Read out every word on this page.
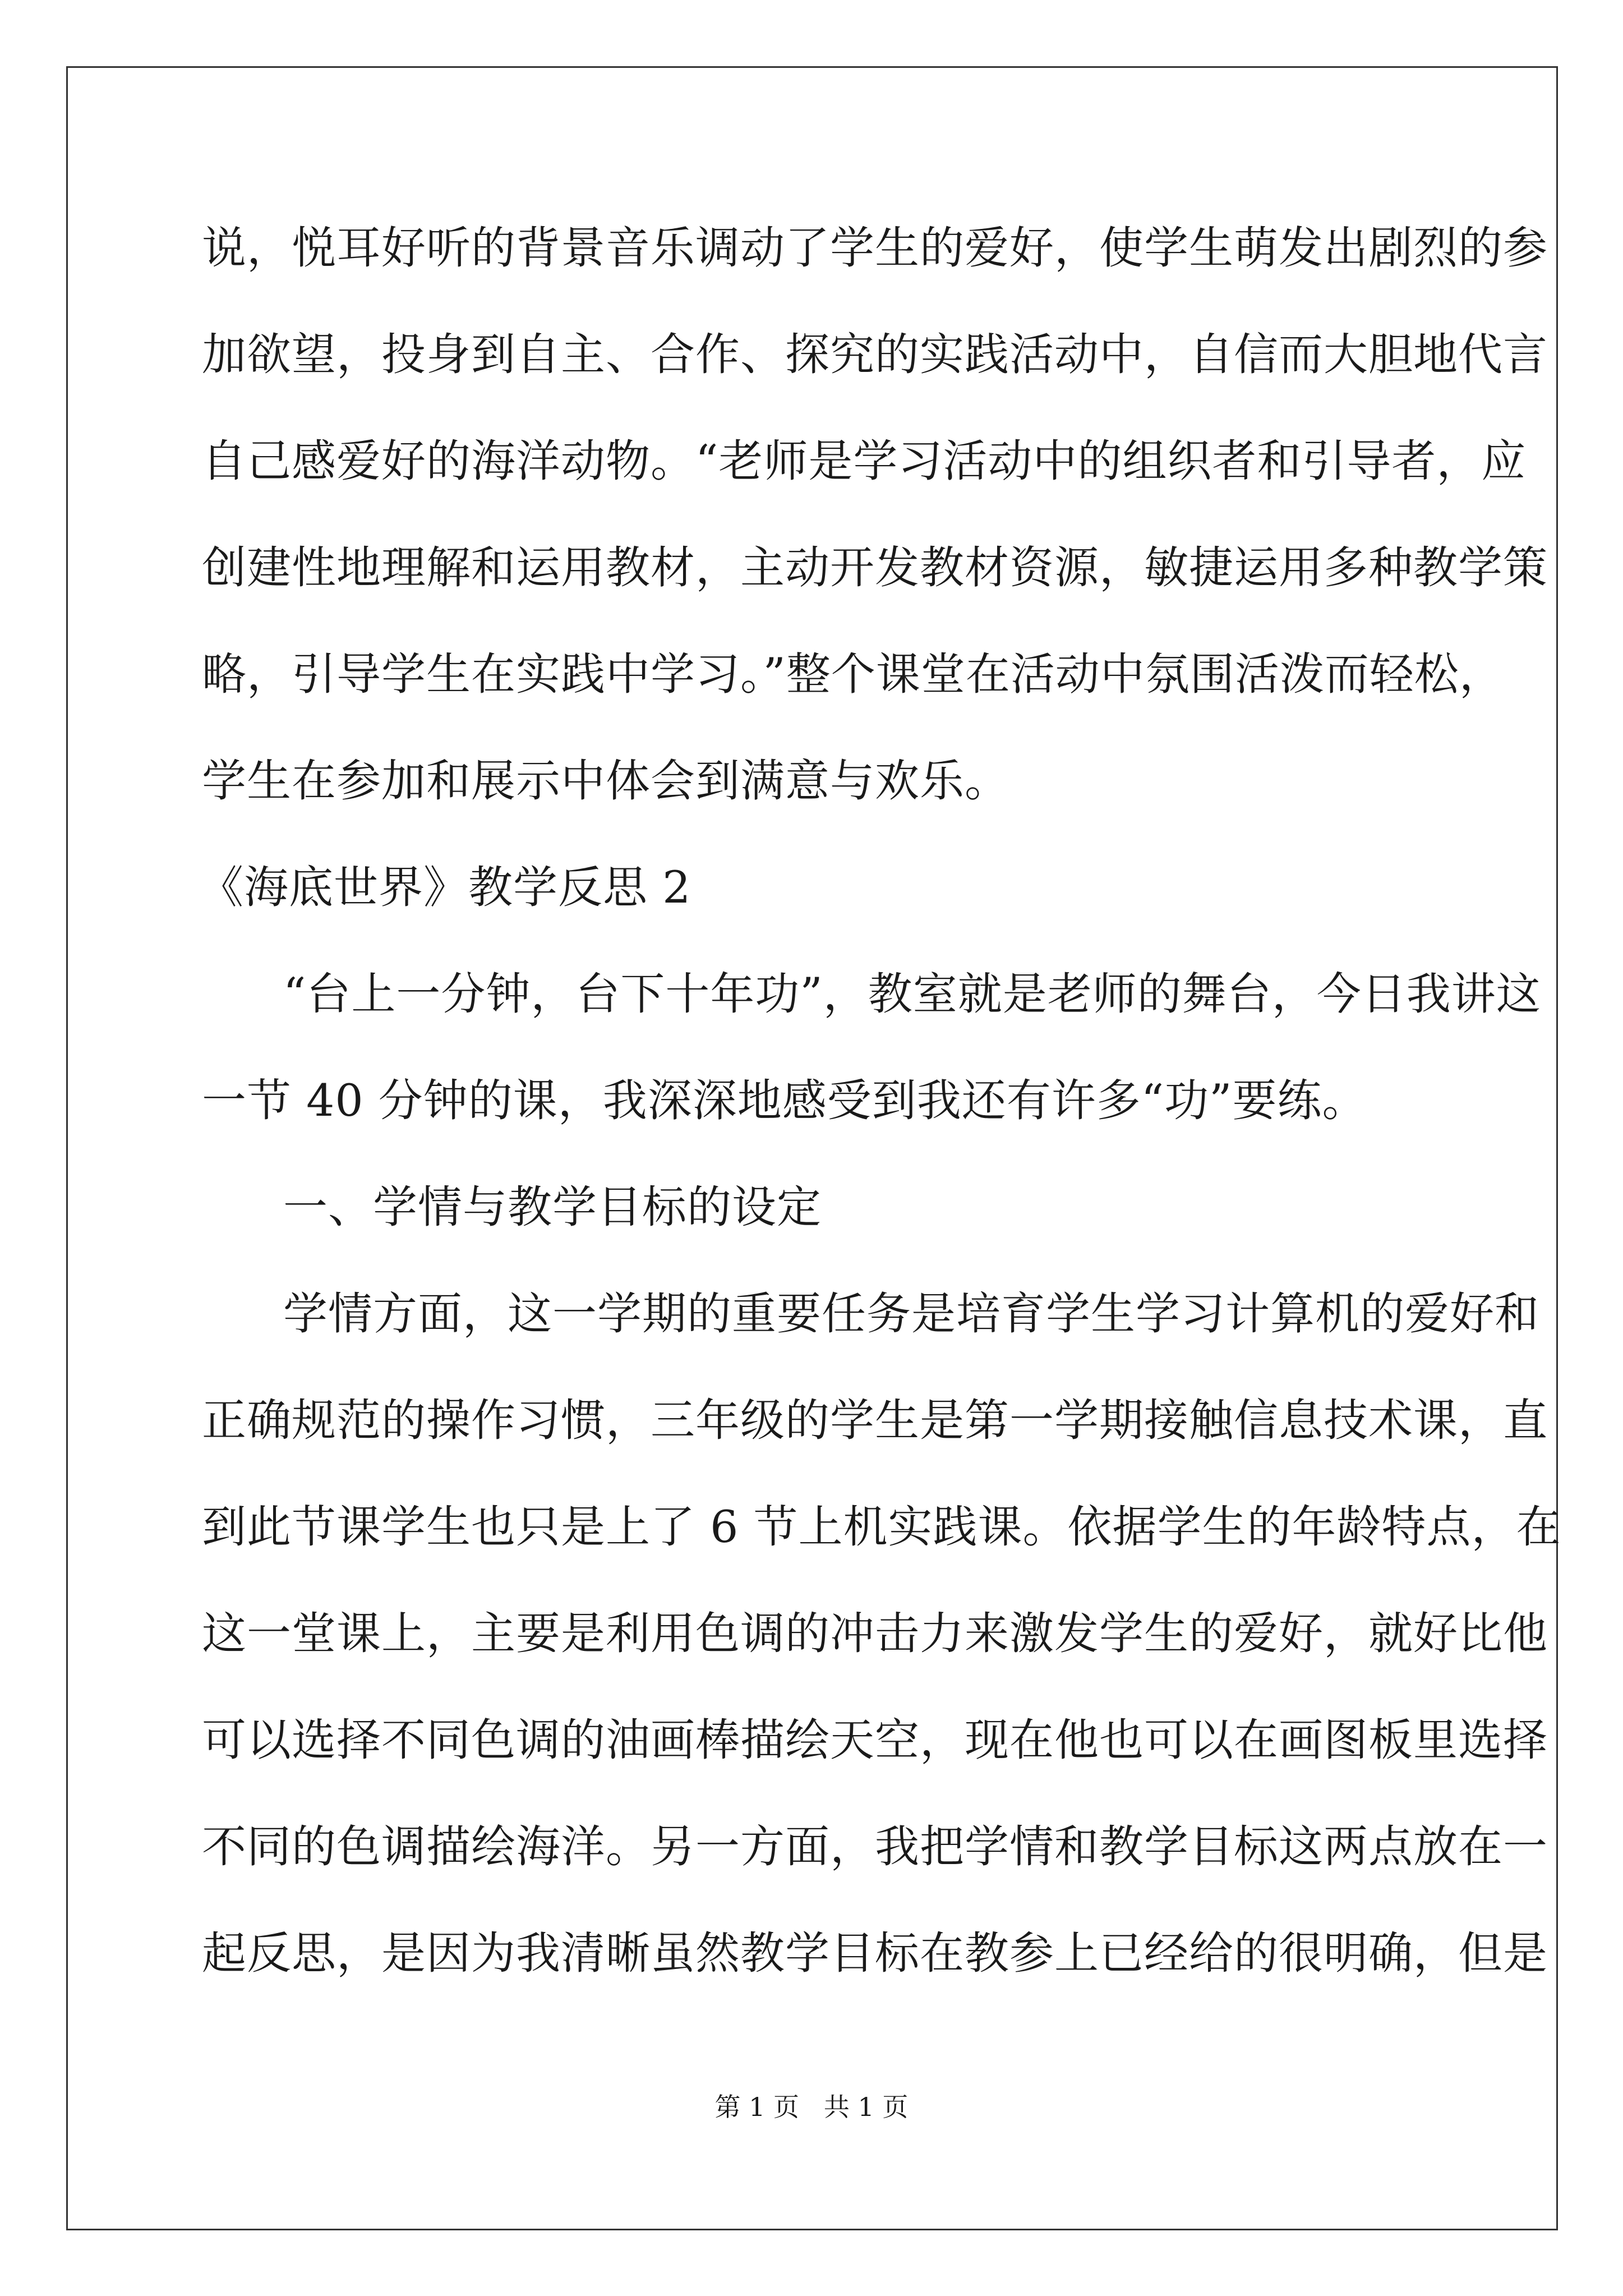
说，悦耳好听的背景音乐调动了学生的爱好，使学生萌发出剧烈的参
加欲望，投身到自主、合作、探究的实践活动中，自信而大胆地代言
自己感爱好的海洋动物。“老师是学习活动中的组织者和引导者，应
创建性地理解和运用教材，主动开发教材资源，敏捷运用多种教学策
略，引导学生在实践中学习。”整个课堂在活动中氛围活泼而轻松，
学生在参加和展示中体会到满意与欢乐。
《海底世界》教学反思 2
“台上一分钟，台下十年功”，教室就是老师的舞台，今日我讲这
一节 40 分钟的课，我深深地感受到我还有许多“功”要练。
一、学情与教学目标的设定
学情方面，这一学期的重要任务是培育学生学习计算机的爱好和
正确规范的操作习惯，三年级的学生是第一学期接触信息技术课，直
到此节课学生也只是上了 6 节上机实践课。依据学生的年龄特点，在
这一堂课上，主要是利用色调的冲击力来激发学生的爱好，就好比他
可以选择不同色调的油画棒描绘天空，现在他也可以在画图板里选择
不同的色调描绘海洋。另一方面，我把学情和教学目标这两点放在一
起反思，是因为我清晰虽然教学目标在教参上已经给的很明确，但是
第 1 页   共 1 页
